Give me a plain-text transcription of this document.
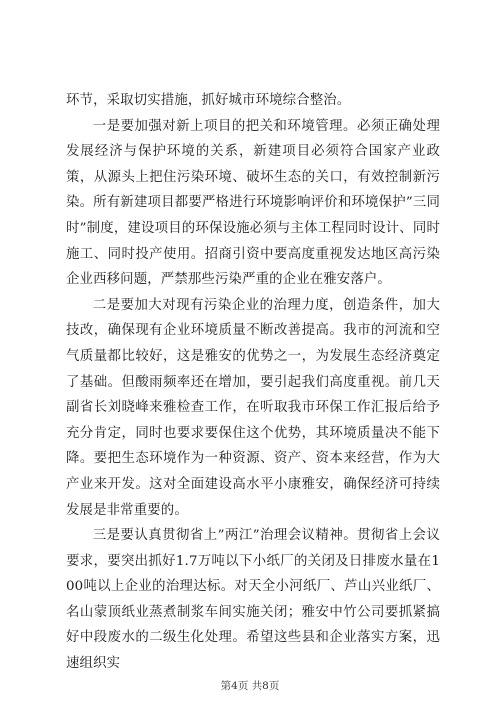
环节，采取切实措施，抓好城市环境综合整治。

一是要加强对新上项目的把关和环境管理。必须正确处理发展经济与保护环境的关系，新建项目必须符合国家产业政策，从源头上把住污染环境、破坏生态的关口，有效控制新污染。所有新建项目都要严格进行环境影响评价和环境保护”三同时”制度，建设项目的环保设施必须与主体工程同时设计、同时施工、同时投产使用。招商引资中要高度重视发达地区高污染企业西移问题，严禁那些污染严重的企业在雅安落户。

二是要加大对现有污染企业的治理力度，创造条件，加大技改，确保现有企业环境质量不断改善提高。我市的河流和空气质量都比较好，这是雅安的优势之一，为发展生态经济奠定了基础。但酸雨频率还在增加，要引起我们高度重视。前几天副省长刘晓峰来雅检查工作，在听取我市环保工作汇报后给予充分肯定，同时也要求要保住这个优势，其环境质量决不能下降。要把生态环境作为一种资源、资产、资本来经营，作为大产业来开发。这对全面建设高水平小康雅安，确保经济可持续发展是非常重要的。

三是要认真贯彻省上”两江”治理会议精神。贯彻省上会议要求，要突出抓好1.7万吨以下小纸厂的关闭及日排废水量在100吨以上企业的治理达标。对天全小河纸厂、芦山兴业纸厂、名山蒙顶纸业蒸煮制浆车间实施关闭；雅安中竹公司要抓紧搞好中段废水的二级生化处理。希望这些县和企业落实方案，迅速组织实

第4页 共8页
